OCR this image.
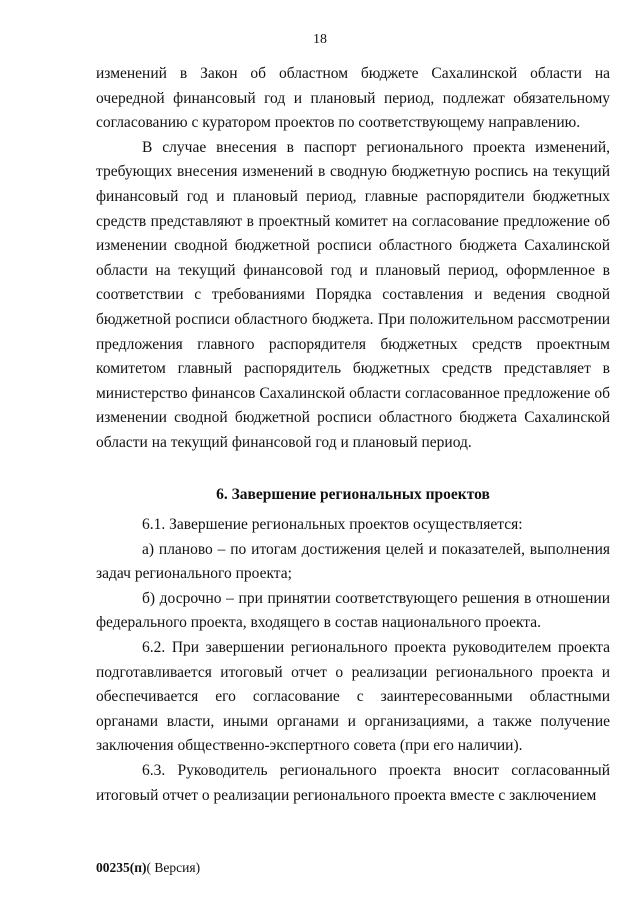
18

изменений в Закон об областном бюджете Сахалинской области на очередной финансовый год и плановый период, подлежат обязательному согласованию с куратором проектов по соответствующему направлению.

В случае внесения в паспорт регионального проекта изменений, требующих внесения изменений в сводную бюджетную роспись на текущий финансовый год и плановый период, главные распорядители бюджетных средств представляют в проектный комитет на согласование предложение об изменении сводной бюджетной росписи областного бюджета Сахалинской области на текущий финансовой год и плановый период, оформленное в соответствии с требованиями Порядка составления и ведения сводной бюджетной росписи областного бюджета. При положительном рассмотрении предложения главного распорядителя бюджетных средств проектным комитетом главный распорядитель бюджетных средств представляет в министерство финансов Сахалинской области согласованное предложение об изменении сводной бюджетной росписи областного бюджета Сахалинской области на текущий финансовой год и плановый период.

6. Завершение региональных проектов

6.1. Завершение региональных проектов осуществляется:

а) планово – по итогам достижения целей и показателей, выполнения задач регионального проекта;

б) досрочно – при принятии соответствующего решения в отношении федерального проекта, входящего в состав национального проекта.

6.2. При завершении регионального проекта руководителем проекта подготавливается итоговый отчет о реализации регионального проекта и обеспечивается его согласование с заинтересованными областными органами власти, иными органами и организациями, а также получение заключения общественно-экспертного совета (при его наличии).

6.3. Руководитель регионального проекта вносит согласованный итоговый отчет о реализации регионального проекта вместе с заключением

00235(п)( Версия)
